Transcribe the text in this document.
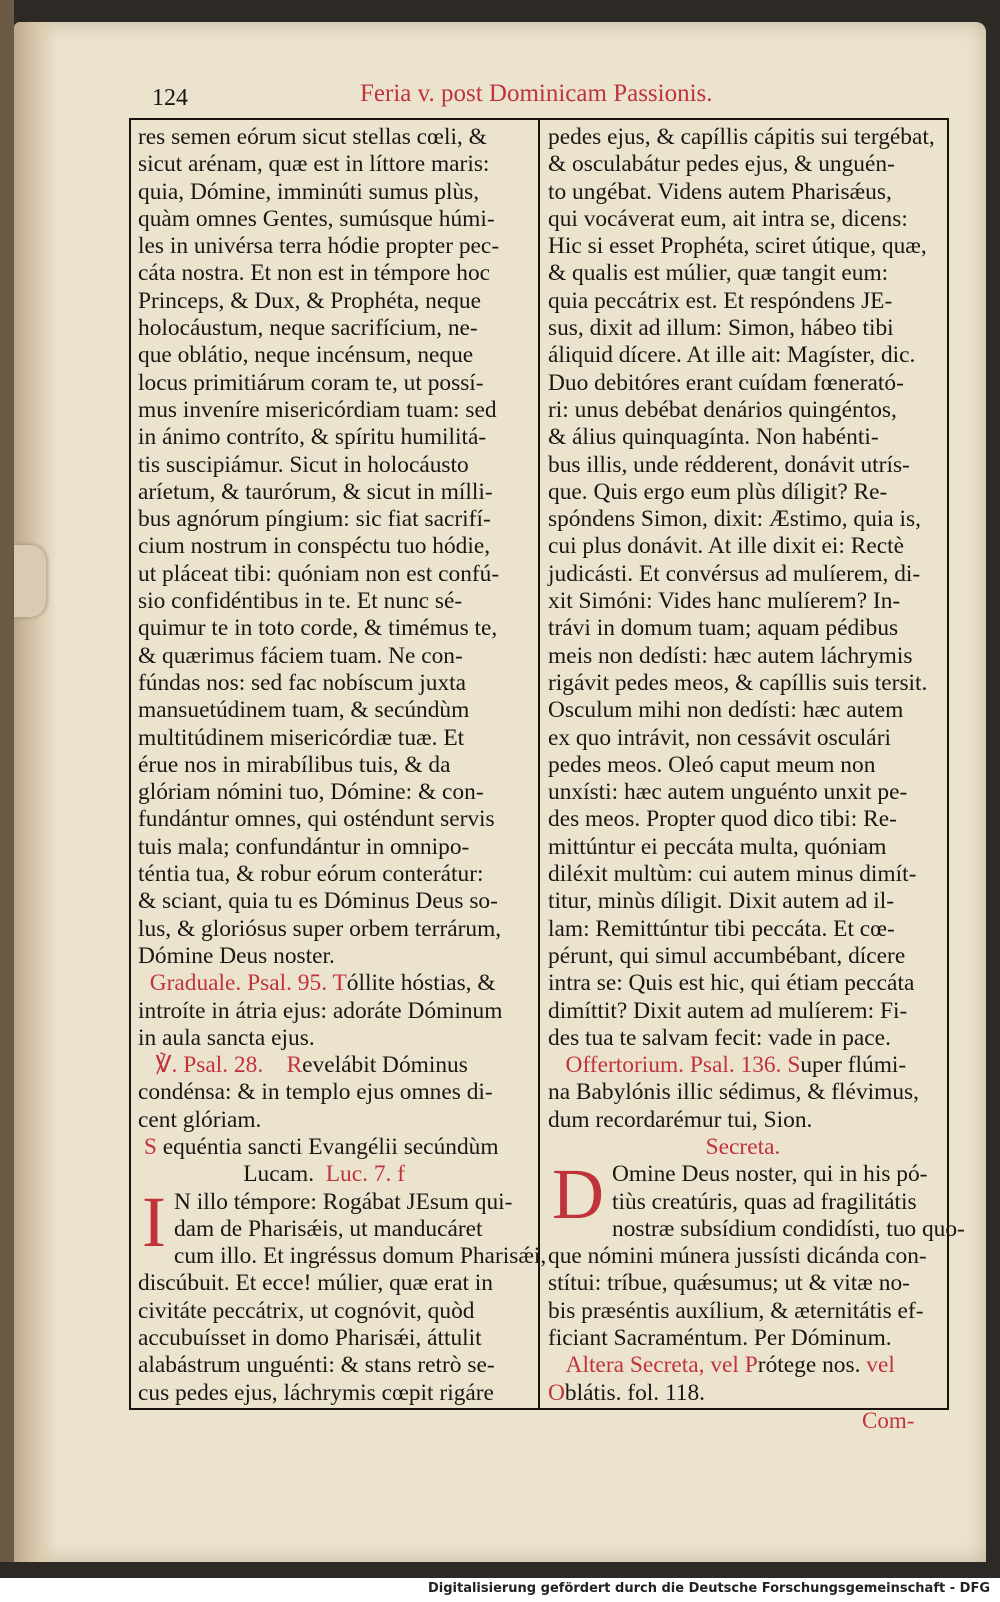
124	Feria v. post Dominicam Passionis.
res semen eórum sicut stellas cœli, &
sicut arénam, quæ est in líttore maris:
quia, Dómine, imminúti sumus plùs,
quàm omnes Gentes, sumúsque húmi-
les in univérsa terra hódie propter pec-
cáta nostra. Et non est in témpore hoc
Princeps, & Dux, & Prophéta, neque
holocáustum, neque sacrifícium, ne-
que oblátio, neque incénsum, neque
locus primitiárum coram te, ut possí-
mus inveníre misericórdiam tuam: sed
in ánimo contríto, & spíritu humilitá-
tis suscipiámur. Sicut in holocáusto
aríetum, & taurórum, & sicut in mílli-
bus agnórum píngium: sic fiat sacrifí-
cium nostrum in conspéctu tuo hódie,
ut pláceat tibi: quóniam non est confú-
sio confidéntibus in te. Et nunc sé-
quimur te in toto corde, & timémus te,
& quærimus fáciem tuam. Ne con-
fúndas nos: sed fac nobíscum juxta
mansuetúdinem tuam, & secúndùm
multitúdinem misericórdiæ tuæ. Et
érue nos in mirabílibus tuis, & da
glóriam nómini tuo, Dómine: & con-
fundántur omnes, qui osténdunt servis
tuis mala; confundántur in omnipo-
téntia tua, & robur eórum conterátur:
& sciant, quia tu es Dóminus Deus so-
lus, & gloriósus super orbem terrárum,
Dómine Deus noster.
Graduale. Psal. 95. Tóllite hóstias, &
introíte in átria ejus: adoráte Dóminum
in aula sancta ejus.
℣. Psal. 28. Revelábit Dóminus
condénsa: & in templo ejus omnes di-
cent glóriam.
S equéntia sancti Evangélii secúndùm
Lucam. Luc. 7. f
I N illo témpore: Rogábat JEsum qui-
dam de Pharisǽis, ut manducáret
cum illo. Et ingréssus domum Pharisǽi,
discúbuit. Et ecce! múlier, quæ erat in
civitáte peccátrix, ut cognóvit, quòd
accubuísset in domo Pharisǽi, áttulit
alabástrum unguénti: & stans retrò se-
cus pedes ejus, láchrymis cœpit rigáre
pedes ejus, & capíllis cápitis sui tergébat,
& osculabátur pedes ejus, & unguén-
to ungébat. Videns autem Pharisǽus,
qui vocáverat eum, ait intra se, dicens:
Hic si esset Prophéta, sciret útique, quæ,
& qualis est múlier, quæ tangit eum:
quia peccátrix est. Et respóndens JE-
sus, dixit ad illum: Simon, hábeo tibi
áliquid dícere. At ille ait: Magíster, dic.
Duo debitóres erant cuídam fœnerató-
ri: unus debébat denários quingéntos,
& álius quinquagínta. Non habénti-
bus illis, unde rédderent, donávit utrís-
que. Quis ergo eum plùs díligit? Re-
spóndens Simon, dixit: Æstimo, quia is,
cui plus donávit. At ille dixit ei: Rectè
judicásti. Et convérsus ad mulíerem, di-
xit Simóni: Vides hanc mulíerem? In-
trávi in domum tuam; aquam pédibus
meis non dedísti: hæc autem láchrymis
rigávit pedes meos, & capíllis suis tersit.
Osculum mihi non dedísti: hæc autem
ex quo intrávit, non cessávit osculári
pedes meos. Oleó caput meum non
unxísti: hæc autem unguénto unxit pe-
des meos. Propter quod dico tibi: Re-
mittúntur ei peccáta multa, quóniam
diléxit multùm: cui autem minus dimít-
titur, minùs díligit. Dixit autem ad il-
lam: Remittúntur tibi peccáta. Et cœ-
pérunt, qui simul accumbébant, dícere
intra se: Quis est hic, qui étiam peccáta
dimíttit? Dixit autem ad mulíerem: Fi-
des tua te salvam fecit: vade in pace.
Offertorium. Psal. 136. Super flúmi-
na Babylónis illic sédimus, & flévimus,
dum recordarémur tui, Sion.
Secreta.
D Omine Deus noster, qui in his pó-
tiùs creatúris, quas ad fragilitátis
nostræ subsídium condidísti, tuo quo-
que nómini múnera jussísti dicánda con-
stítui: tríbue, quǽsumus; ut & vitæ no-
bis præséntis auxílium, & æternitátis ef-
ficiant Sacraméntum. Per Dóminum.
Altera Secreta, vel Prótege nos. vel
Oblátis. fol. 118.
Com-
Digitalisierung gefördert durch die Deutsche Forschungsgemeinschaft - DFG
